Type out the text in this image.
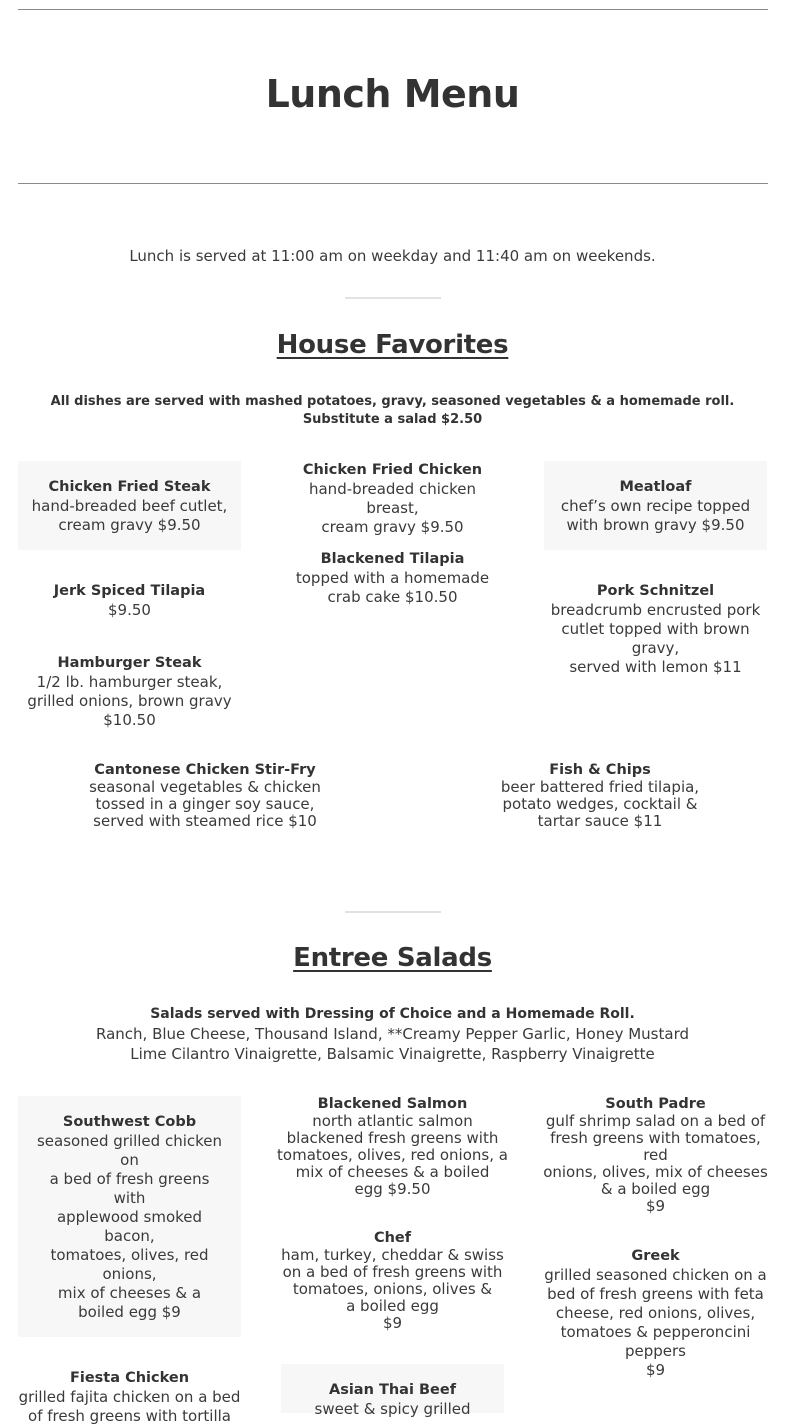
Lunch Menu
Lunch is served at 11:00 am on weekday and 11:40 am on weekends.
House Favorites
All dishes are served with mashed potatoes, gravy, seasoned vegetables & a homemade roll.
Substitute a salad $2.50
Chicken Fried Steak
hand-breaded beef cutlet,
cream gravy $9.50
Chicken Fried Chicken
hand-breaded chicken breast,
cream gravy $9.50
Meatloaf
chef’s own recipe topped
with brown gravy $9.50
Blackened Tilapia
topped with a homemade
crab cake $10.50
Jerk Spiced Tilapia
$9.50
Pork Schnitzel
breadcrumb encrusted pork
cutlet topped with brown
gravy,
served with lemon $11
Hamburger Steak
1/2 lb. hamburger steak,
grilled onions, brown gravy
$10.50
Cantonese Chicken Stir-Fry
seasonal vegetables & chicken
tossed in a ginger soy sauce,
served with steamed rice $10
Fish & Chips
beer battered fried tilapia,
potato wedges, cocktail &
tartar sauce $11
Entree Salads
Salads served with Dressing of Choice and a Homemade Roll.
Ranch, Blue Cheese, Thousand Island, **Creamy Pepper Garlic, Honey Mustard
Lime Cilantro Vinaigrette, Balsamic Vinaigrette, Raspberry Vinaigrette
Southwest Cobb
seasoned grilled chicken
on
a bed of fresh greens
with
applewood smoked
bacon,
tomatoes, olives, red
onions,
mix of cheeses & a
boiled egg $9
Blackened Salmon
north atlantic salmon
blackened fresh greens with
tomatoes, olives, red onions, a
mix of cheeses & a boiled
egg $9.50
South Padre
gulf shrimp salad on a bed of
fresh greens with tomatoes,
red
onions, olives, mix of cheeses
& a boiled egg
$9
Chef
ham, turkey, cheddar & swiss
on a bed of fresh greens with
tomatoes, onions, olives &
a boiled egg
$9
Greek
grilled seasoned chicken on a
bed of fresh greens with feta
cheese, red onions, olives,
tomatoes & pepperoncini
peppers
$9
Fiesta Chicken
grilled fajita chicken on a bed
of fresh greens with tortilla
Asian Thai Beef
sweet & spicy grilled
